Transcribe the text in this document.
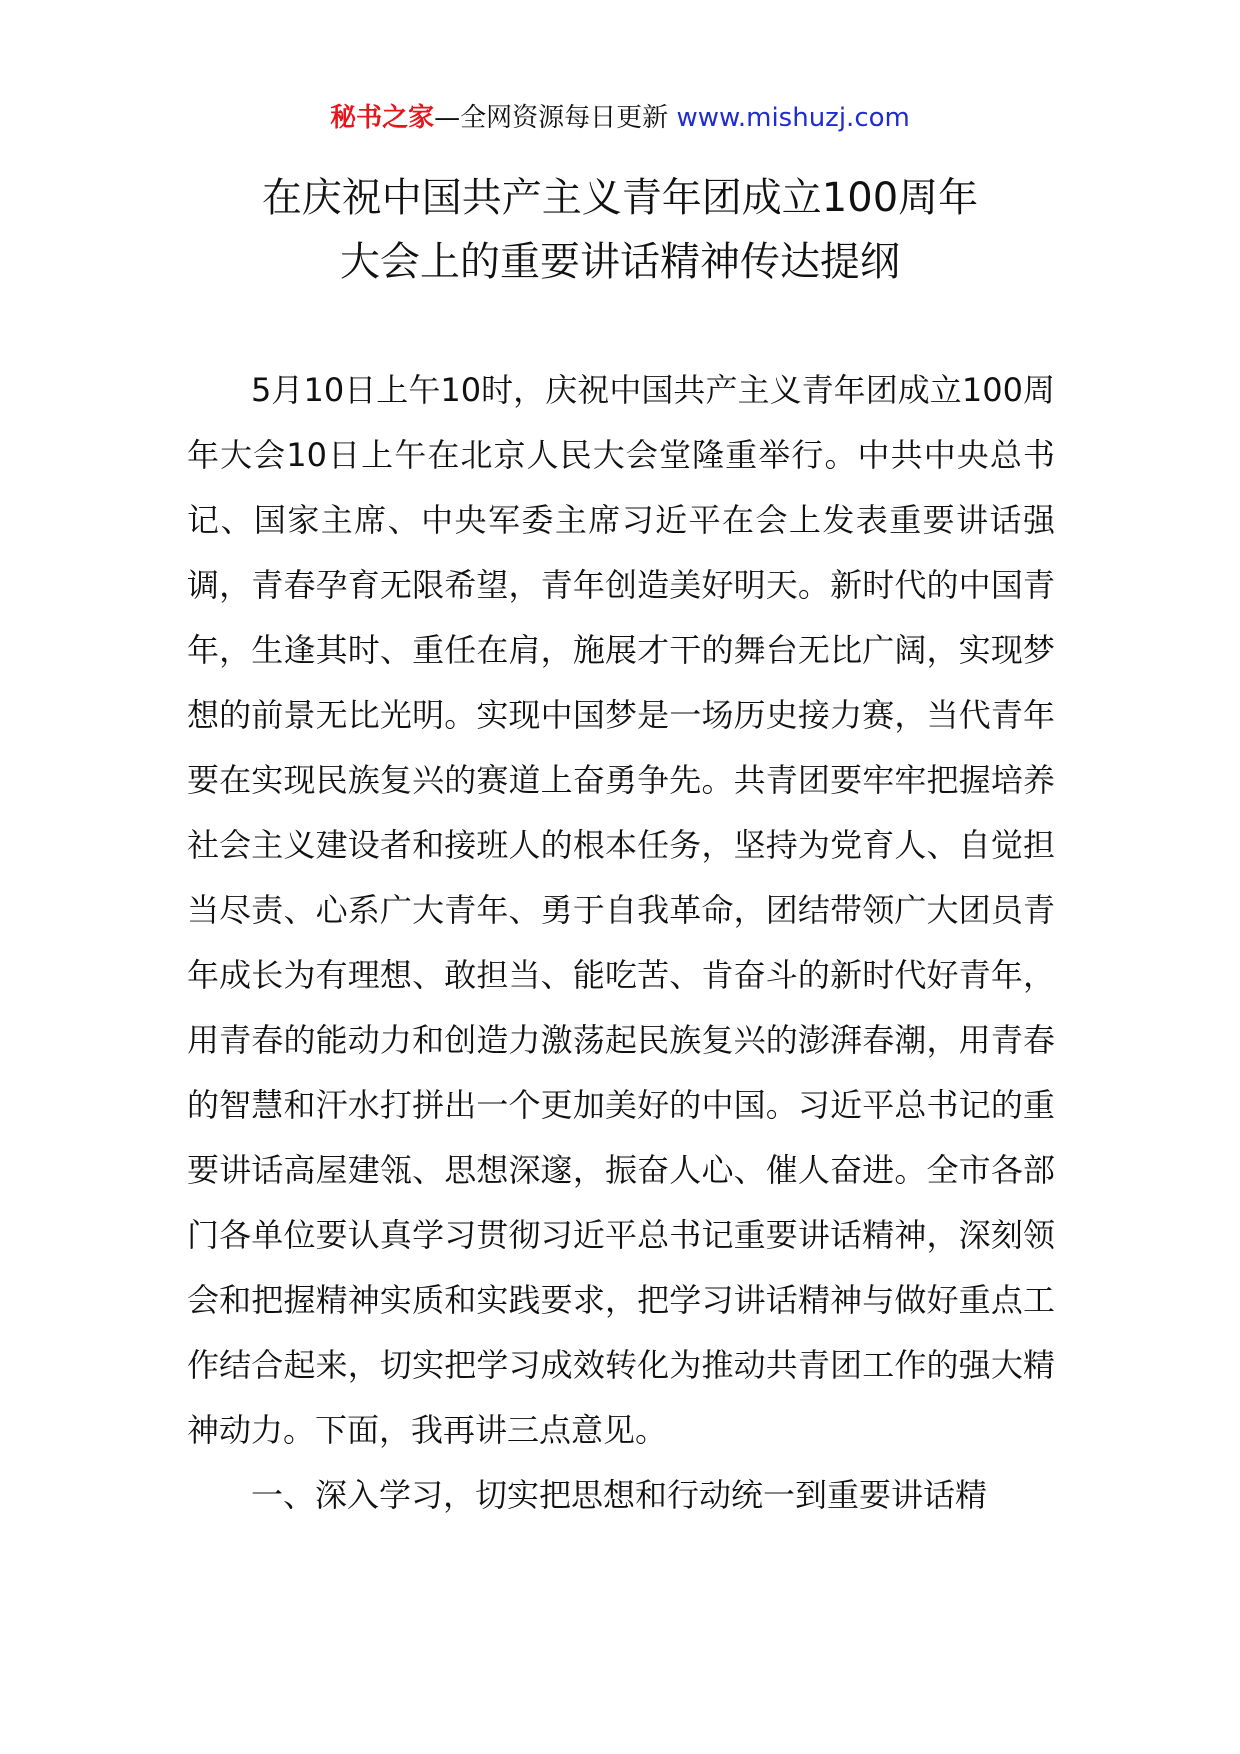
秘书之家—全网资源每日更新 www.mishuzj.com
在庆祝中国共产主义青年团成立100周年
大会上的重要讲话精神传达提纲

5月10日上午10时，庆祝中国共产主义青年团成立100周年大会10日上午在北京人民大会堂隆重举行。中共中央总书记、国家主席、中央军委主席习近平在会上发表重要讲话强调，青春孕育无限希望，青年创造美好明天。新时代的中国青年，生逢其时、重任在肩，施展才干的舞台无比广阔，实现梦想的前景无比光明。实现中国梦是一场历史接力赛，当代青年要在实现民族复兴的赛道上奋勇争先。共青团要牢牢把握培养社会主义建设者和接班人的根本任务，坚持为党育人、自觉担当尽责、心系广大青年、勇于自我革命，团结带领广大团员青年成长为有理想、敢担当、能吃苦、肯奋斗的新时代好青年，用青春的能动力和创造力激荡起民族复兴的澎湃春潮，用青春的智慧和汗水打拼出一个更加美好的中国。习近平总书记的重要讲话高屋建瓴、思想深邃，振奋人心、催人奋进。全市各部门各单位要认真学习贯彻习近平总书记重要讲话精神，深刻领会和把握精神实质和实践要求，把学习讲话精神与做好重点工作结合起来，切实把学习成效转化为推动共青团工作的强大精神动力。下面，我再讲三点意见。

一、深入学习，切实把思想和行动统一到重要讲话精
